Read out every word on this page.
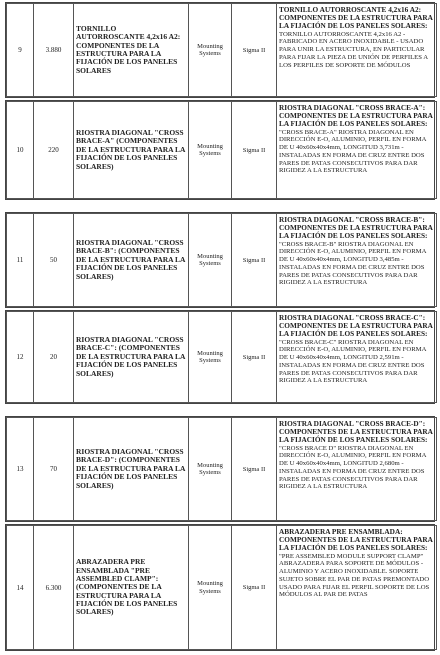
9	3.880	TORNILLO AUTORROSCANTE 4,2x16 A2: COMPONENTES DE LA ESTRUCTURA PARA LA FIJACIÓN DE LOS PANELES SOLARES	Mounting Systems	Sigma II	
TORNILLO AUTORROSCANTE 4,2x16 A2: COMPONENTES DE LA ESTRUCTURA PARA LA FIJACIÓN DE LOS PANELES SOLARES:
TORNILLO AUTORROSCANTE 4,2x16 A2 - FABRICADO EN ACERO INOXIDABLE - USADO PARA UNIR LA ESTRUCTURA, EN PARTICULAR PARA FIJAR LA PIEZA DE UNIÓN DE PERFILES A LOS PERFILES DE SOPORTE DE MÓDULOS
10	220	RIOSTRA DIAGONAL "CROSS BRACE-A" (COMPONENTES DE LA ESTRUCTURA PARA LA FIJACIÓN DE LOS PANELES SOLARES)	Mounting Systems	Sigma II	
RIOSTRA DIAGONAL "CROSS BRACE-A": COMPONENTES DE LA ESTRUCTURA PARA LA FIJACIÓN DE LOS PANELES SOLARES:
"CROSS BRACE-A" RIOSTRA DIAGONAL EN DIRECCIÓN E-O, ALUMINIO, PERFIL EN FORMA DE U 40x60x40x4mm, LONGITUD 3,731m - INSTALADAS EN FORMA DE CRUZ ENTRE DOS PARES DE PATAS CONSECUTIVOS PARA DAR RIGIDEZ A LA ESTRUCTURA
11	50	RIOSTRA DIAGONAL "CROSS BRACE-B": (COMPONENTES DE LA ESTRUCTURA PARA LA FIJACIÓN DE LOS PANELES SOLARES)	Mounting Systems	Sigma II	
RIOSTRA DIAGONAL "CROSS BRACE-B": COMPONENTES DE LA ESTRUCTURA PARA LA FIJACIÓN DE LOS PANELES SOLARES:
"CROSS BRACE-B" RIOSTRA DIAGONAL EN DIRECCIÓN E-O, ALUMINIO, PERFIL EN FORMA DE U 40x60x40x4mm, LONGITUD 3,485m - INSTALADAS EN FORMA DE CRUZ ENTRE DOS PARES DE PATAS CONSECUTIVOS PARA DAR RIGIDEZ A LA ESTRUCTURA
12	20	RIOSTRA DIAGONAL "CROSS BRACE-C": (COMPONENTES DE LA ESTRUCTURA PARA LA FIJACIÓN DE LOS PANELES SOLARES)	Mounting Systems	Sigma II	
RIOSTRA DIAGONAL "CROSS BRACE-C": COMPONENTES DE LA ESTRUCTURA PARA LA FIJACIÓN DE LOS PANELES SOLARES:
"CROSS BRACE-C" RIOSTRA DIAGONAL EN DIRECCIÓN E-O, ALUMINIO, PERFIL EN FORMA DE U 40x60x40x4mm, LONGITUD 2,591m - INSTALADAS EN FORMA DE CRUZ ENTRE DOS PARES DE PATAS CONSECUTIVOS PARA DAR RIGIDEZ A LA ESTRUCTURA
13	70	RIOSTRA DIAGONAL "CROSS BRACE-D": (COMPONENTES DE LA ESTRUCTURA PARA LA FIJACIÓN DE LOS PANELES SOLARES)	Mounting Systems	Sigma II	
RIOSTRA DIAGONAL "CROSS BRACE-D": COMPONENTES DE LA ESTRUCTURA PARA LA FIJACIÓN DE LOS PANELES SOLARES:
"CROSS BRACE D" RIOSTRA DIAGONAL EN DIRECCIÓN E-O, ALUMINIO, PERFIL EN FORMA DE U 40x60x40x4mm, LONGITUD 2,680m - INSTALADAS EN FORMA DE CRUZ ENTRE DOS PARES DE PATAS CONSECUTIVOS PARA DAR RIGIDEZ A LA ESTRUCTURA
14	6.300	ABRAZADERA PRE ENSAMBLADA "PRE ASSEMBLED CLAMP": (COMPONENTES DE LA ESTRUCTURA PARA LA FIJACIÓN DE LOS PANELES SOLARES)	Mounting Systems	Sigma II	
ABRAZADERA PRE ENSAMBLADA: COMPONENTES DE LA ESTRUCTURA PARA LA FIJACIÓN DE LOS PANELES SOLARES:
"PRE ASSEMBLED MODULE SUPPORT CLAMP" ABRAZADERA PARA SOPORTE DE MÓDULOS - ALUMINIO Y ACERO INOXIDABLE. SOPORTE SUJETO SOBRE EL PAR DE PATAS PREMONTADO USADO PARA FIJAR EL PERFIL SOPORTE DE LOS MÓDULOS AL PAR DE PATAS
